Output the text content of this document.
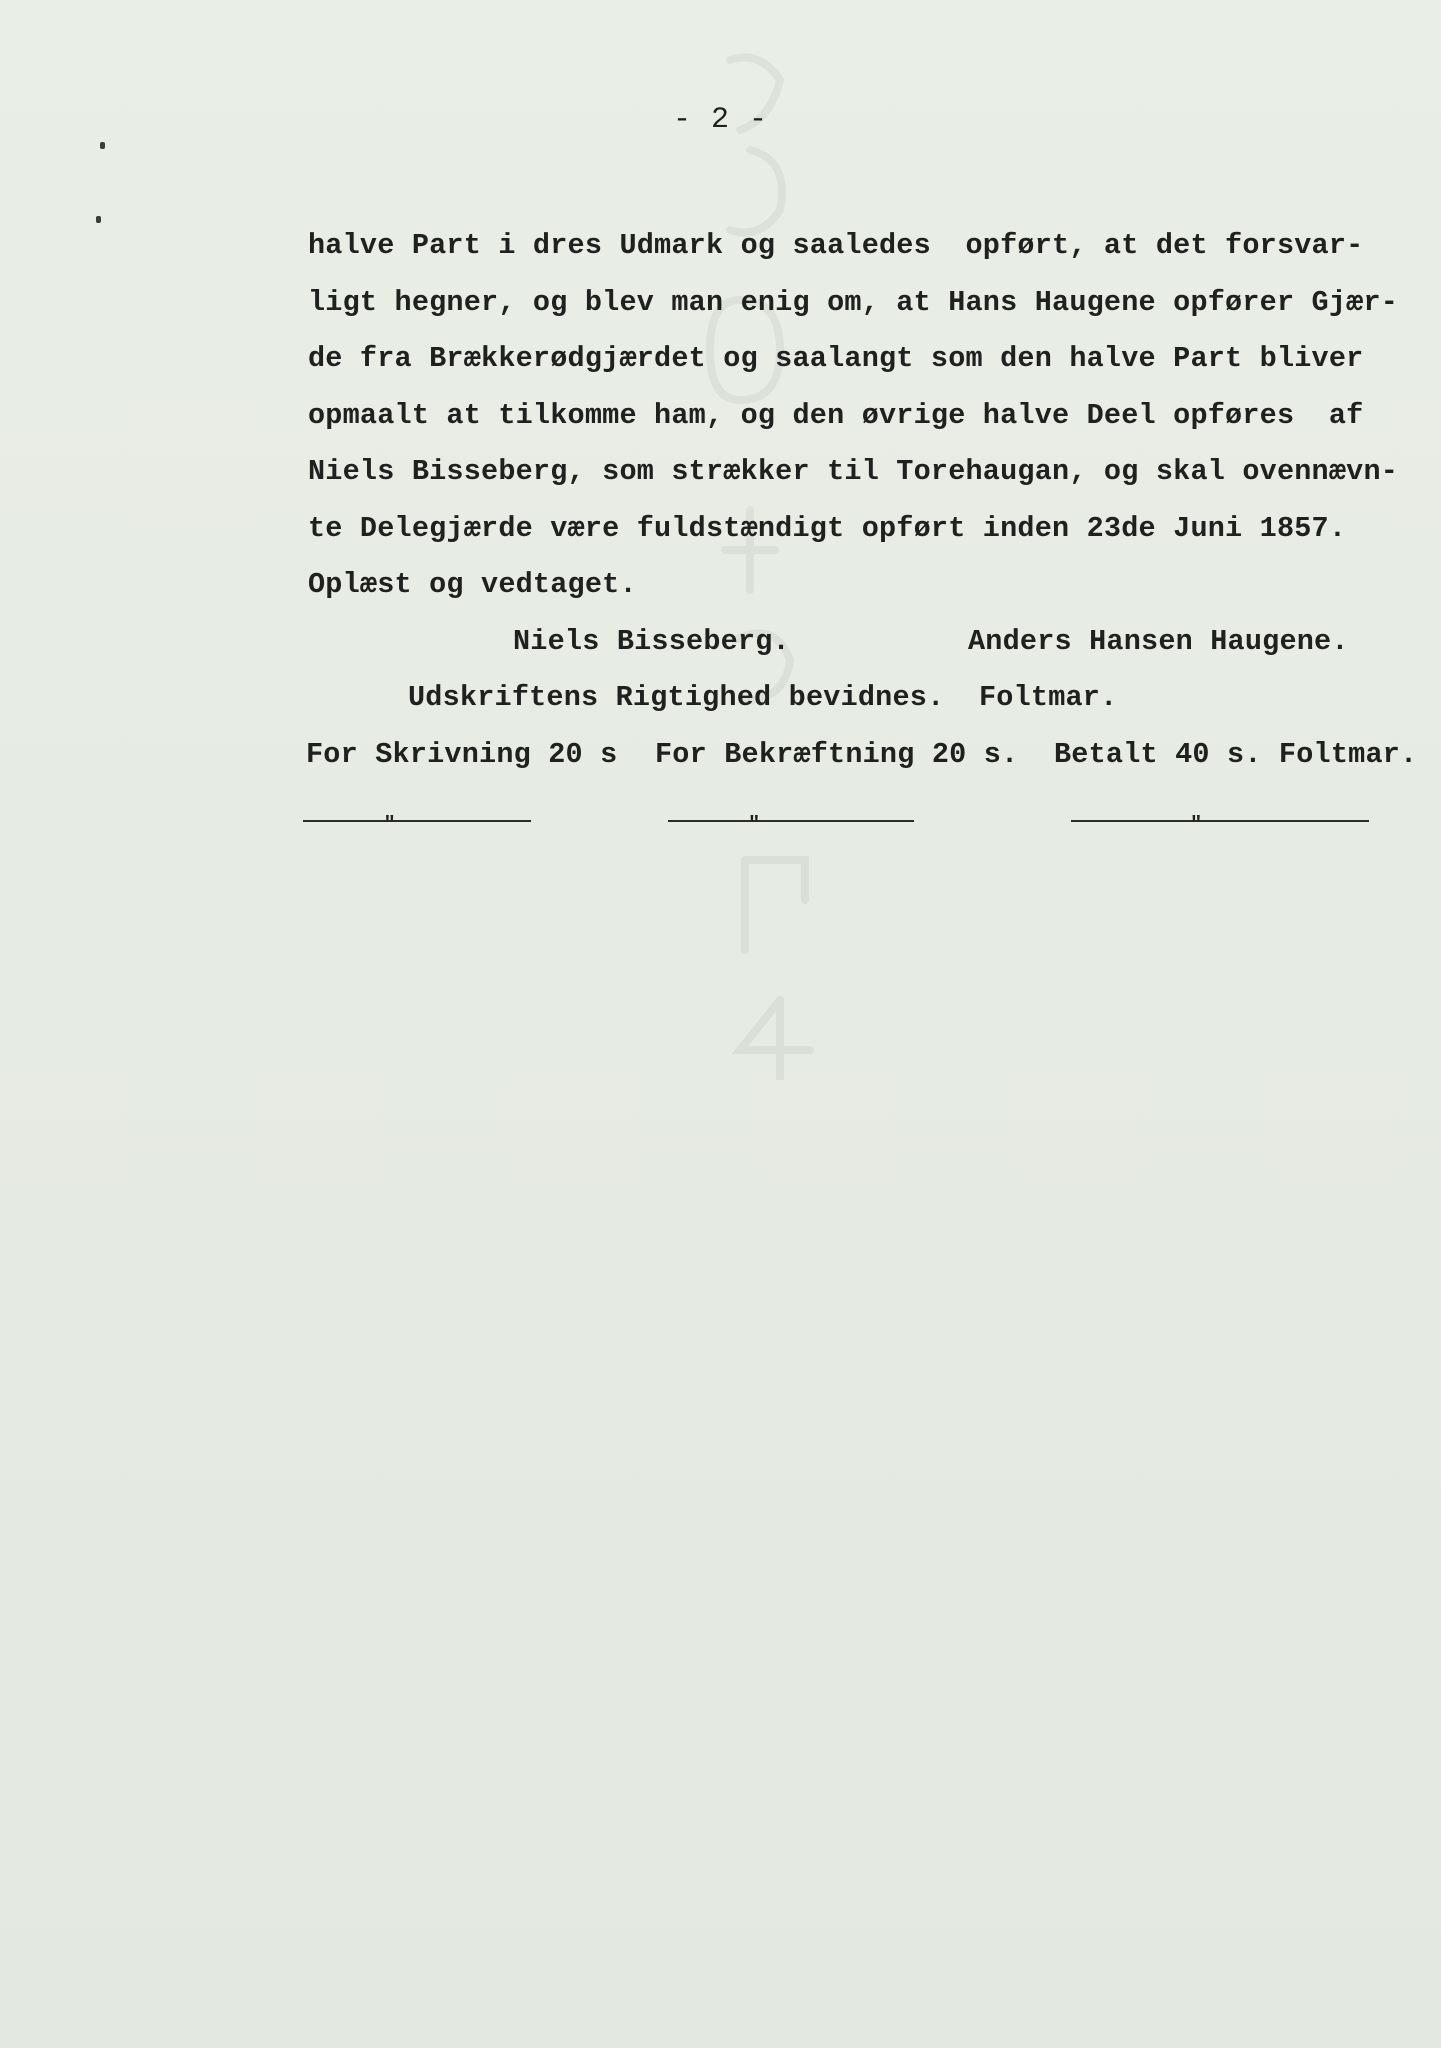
- 2 -
halve Part i dres Udmark og saaledes  opført, at det forsvar-
ligt hegner, og blev man enig om, at Hans Haugene opfører Gjær-
de fra Brækkerødgjærdet og saalangt som den halve Part bliver
opmaalt at tilkomme ham, og den øvrige halve Deel opføres  af
Niels Bisseberg, som strækker til Torehaugan, og skal ovennævn-
te Delegjærde være fuldstændigt opført inden 23de Juni 1857.
Oplæst og vedtaget.
Niels Bisseberg.	Anders Hansen Haugene.
Udskriftens Rigtighed bevidnes.  Foltmar.
For Skrivning 20 s For Bekræftning 20 s. Betalt 40 s. Foltmar.
"	"	"
